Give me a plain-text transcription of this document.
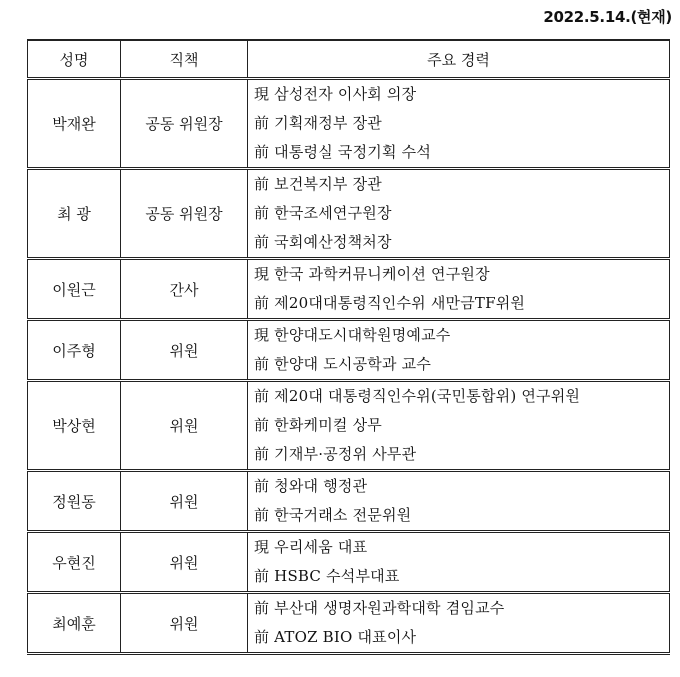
2022.5.14.(현재)
성명	직책	주요 경력
박재완	공동 위원장	現 삼성전자 이사회 의장
前 기획재정부 장관
前 대통령실 국정기획 수석

최 광	공동 위원장	前 보건복지부 장관
前 한국조세연구원장
前 국회예산정책처장

이원근	간사	現 한국 과학커뮤니케이션 연구원장
前 제20대대통령직인수위 새만금TF위원

이주형	위원	現 한양대도시대학원명예교수
前 한양대 도시공학과 교수

박상현	위원	前 제20대 대통령직인수위(국민통합위) 연구위원
前 한화케미컬 상무
前 기재부·공정위 사무관

정원동	위원	前 청와대 행정관
前 한국거래소 전문위원

우현진	위원	現 우리세움 대표
前 HSBC 수석부대표

최예훈	위원	前 부산대 생명자원과학대학 겸임교수
前 ATOZ BIO 대표이사
